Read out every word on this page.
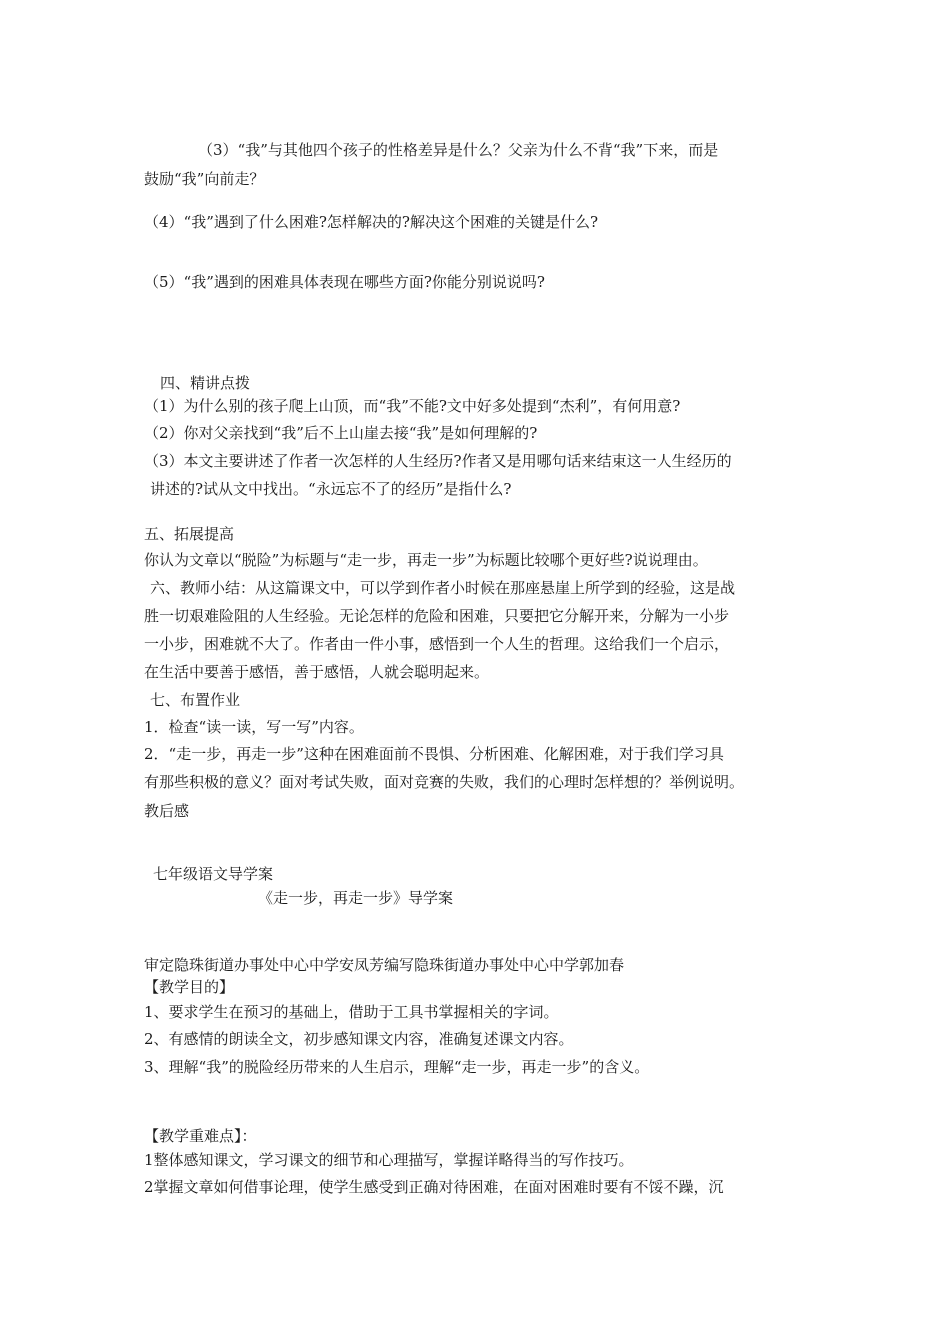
（3）“我”与其他四个孩子的性格差异是什么？父亲为什么不背“我”下来，而是
鼓励“我”向前走？
（4）“我”遇到了什么困难?怎样解决的?解决这个困难的关键是什么?
（5）“我”遇到的困难具体表现在哪些方面?你能分别说说吗?
四、精讲点拨
（1）为什么别的孩子爬上山顶，而“我”不能?文中好多处提到“杰利”，有何用意?
（2）你对父亲找到“我”后不上山崖去接“我”是如何理解的?
（3）本文主要讲述了作者一次怎样的人生经历?作者又是用哪句话来结束这一人生经历的
讲述的?试从文中找出。“永远忘不了的经历”是指什么?
五、拓展提高
你认为文章以“脱险”为标题与“走一步，再走一步”为标题比较哪个更好些?说说理由。
六、教师小结：从这篇课文中，可以学到作者小时候在那座悬崖上所学到的经验，这是战
胜一切艰难险阻的人生经验。无论怎样的危险和困难，只要把它分解开来，分解为一小步
一小步，困难就不大了。作者由一件小事，感悟到一个人生的哲理。这给我们一个启示，
在生活中要善于感悟，善于感悟，人就会聪明起来。
七、布置作业
1．检查“读一读，写一写”内容。
2．“走一步，再走一步”这种在困难面前不畏惧、分析困难、化解困难，对于我们学习具
有那些积极的意义？面对考试失败，面对竞赛的失败，我们的心理时怎样想的？举例说明。
教后感
七年级语文导学案
《走一步，再走一步》导学案
审定隐珠街道办事处中心中学安凤芳编写隐珠街道办事处中心中学郭加春
【教学目的】
1、要求学生在预习的基础上，借助于工具书掌握相关的字词。
2、有感情的朗读全文，初步感知课文内容，准确复述课文内容。
3、理解“我”的脱险经历带来的人生启示，理解“走一步，再走一步”的含义。
【教学重难点】：
1整体感知课文，学习课文的细节和心理描写，掌握详略得当的写作技巧。
2掌握文章如何借事论理，使学生感受到正确对待困难，在面对困难时要有不馁不躁，沉
